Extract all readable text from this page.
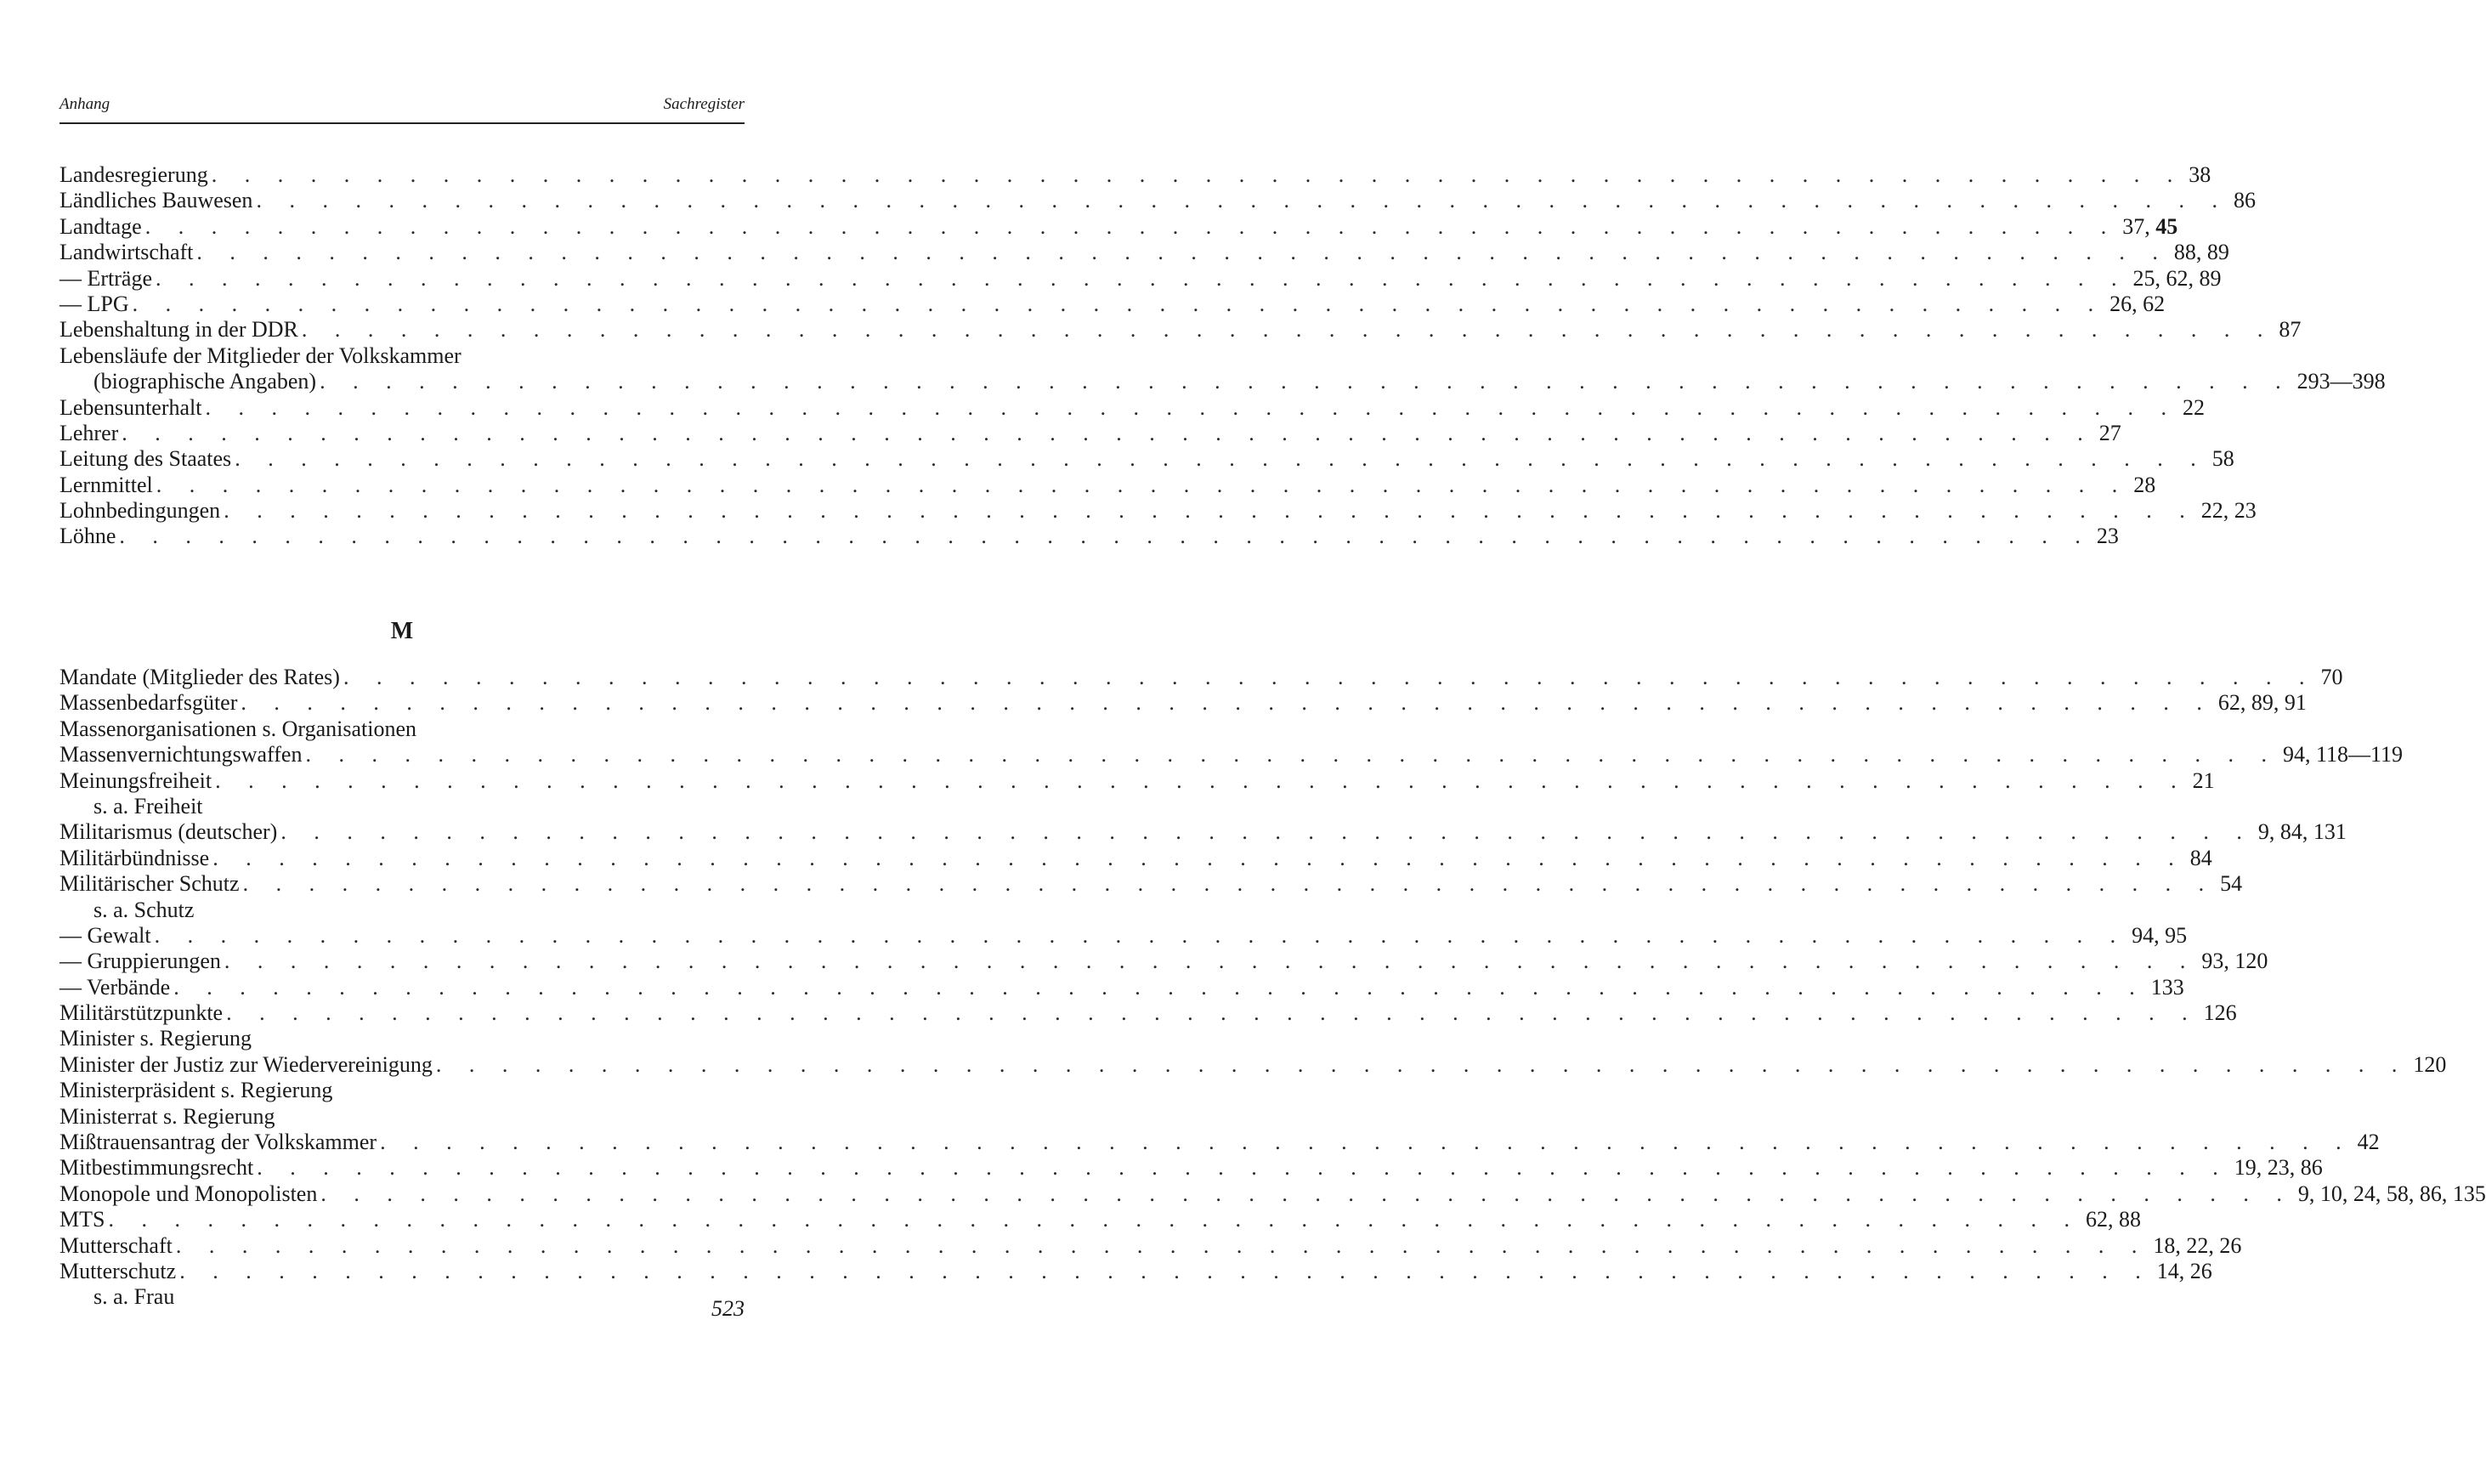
Anhang	Sachregister
Landesregierung . . . . . . . . . . . . . . . . . . . . . . . . . . . . . . . . . . . . . . . . . . . . . . . . . . . . . . . . . . . . 38
Ländliches Bauwesen . . . . . . . . . . . . . . . . . . . . . . . . . . . . . . . . . . . . . . . . . . . . . . . . . . . . . . . . . . . . 86
Landtage . . . . . . . . . . . . . . . . . . . . . . . . . . . . . . . . . . . . . . . . . . . . . . . . . . . . . . . . . . . . 37, 45
Landwirtschaft . . . . . . . . . . . . . . . . . . . . . . . . . . . . . . . . . . . . . . . . . . . . . . . . . . . . . . . . . . . . 88, 89
— Erträge . . . . . . . . . . . . . . . . . . . . . . . . . . . . . . . . . . . . . . . . . . . . . . . . . . . . . . . . . . . . 25, 62, 89
— LPG . . . . . . . . . . . . . . . . . . . . . . . . . . . . . . . . . . . . . . . . . . . . . . . . . . . . . . . . . . . . 26, 62
Lebenshaltung in der DDR . . . . . . . . . . . . . . . . . . . . . . . . . . . . . . . . . . . . . . . . . . . . . . . . . . . . . . . . . . . . 87
Lebensläufe der Mitglieder der Volkskammer
(biographische Angaben) . . . . . . . . . . . . . . . . . . . . . . . . . . . . . . . . . . . . . . . . . . . . . . . . . . . . . . . . . . . . 293—398
Lebensunterhalt . . . . . . . . . . . . . . . . . . . . . . . . . . . . . . . . . . . . . . . . . . . . . . . . . . . . . . . . . . . . 22
Lehrer . . . . . . . . . . . . . . . . . . . . . . . . . . . . . . . . . . . . . . . . . . . . . . . . . . . . . . . . . . . . 27
Leitung des Staates . . . . . . . . . . . . . . . . . . . . . . . . . . . . . . . . . . . . . . . . . . . . . . . . . . . . . . . . . . . . 58
Lernmittel . . . . . . . . . . . . . . . . . . . . . . . . . . . . . . . . . . . . . . . . . . . . . . . . . . . . . . . . . . . . 28
Lohnbedingungen . . . . . . . . . . . . . . . . . . . . . . . . . . . . . . . . . . . . . . . . . . . . . . . . . . . . . . . . . . . . 22, 23
Löhne . . . . . . . . . . . . . . . . . . . . . . . . . . . . . . . . . . . . . . . . . . . . . . . . . . . . . . . . . . . . 23
M
Mandate (Mitglieder des Rates) . . . . . . . . . . . . . . . . . . . . . . . . . . . . . . . . . . . . . . . . . . . . . . . . . . . . . . . . . . . . 70
Massenbedarfsgüter . . . . . . . . . . . . . . . . . . . . . . . . . . . . . . . . . . . . . . . . . . . . . . . . . . . . . . . . . . . . 62, 89, 91
Massenorganisationen s. Organisationen
Massenvernichtungswaffen . . . . . . . . . . . . . . . . . . . . . . . . . . . . . . . . . . . . . . . . . . . . . . . . . . . . . . . . . . . . 94, 118—119
Meinungsfreiheit . . . . . . . . . . . . . . . . . . . . . . . . . . . . . . . . . . . . . . . . . . . . . . . . . . . . . . . . . . . . 21
s. a. Freiheit
Militarismus (deutscher) . . . . . . . . . . . . . . . . . . . . . . . . . . . . . . . . . . . . . . . . . . . . . . . . . . . . . . . . . . . . 9, 84, 131
Militärbündnisse . . . . . . . . . . . . . . . . . . . . . . . . . . . . . . . . . . . . . . . . . . . . . . . . . . . . . . . . . . . . 84
Militärischer Schutz . . . . . . . . . . . . . . . . . . . . . . . . . . . . . . . . . . . . . . . . . . . . . . . . . . . . . . . . . . . . 54
s. a. Schutz
— Gewalt . . . . . . . . . . . . . . . . . . . . . . . . . . . . . . . . . . . . . . . . . . . . . . . . . . . . . . . . . . . . 94, 95
— Gruppierungen . . . . . . . . . . . . . . . . . . . . . . . . . . . . . . . . . . . . . . . . . . . . . . . . . . . . . . . . . . . . 93, 120
— Verbände . . . . . . . . . . . . . . . . . . . . . . . . . . . . . . . . . . . . . . . . . . . . . . . . . . . . . . . . . . . . 133
Militärstützpunkte . . . . . . . . . . . . . . . . . . . . . . . . . . . . . . . . . . . . . . . . . . . . . . . . . . . . . . . . . . . . 126
Minister s. Regierung
Minister der Justiz zur Wiedervereinigung . . . . . . . . . . . . . . . . . . . . . . . . . . . . . . . . . . . . . . . . . . . . . . . . . . . . . . . . . . . . 120
Ministerpräsident s. Regierung
Ministerrat s. Regierung
Mißtrauensantrag der Volkskammer . . . . . . . . . . . . . . . . . . . . . . . . . . . . . . . . . . . . . . . . . . . . . . . . . . . . . . . . . . . . 42
Mitbestimmungsrecht . . . . . . . . . . . . . . . . . . . . . . . . . . . . . . . . . . . . . . . . . . . . . . . . . . . . . . . . . . . . 19, 23, 86
Monopole und Monopolisten . . . . . . . . . . . . . . . . . . . . . . . . . . . . . . . . . . . . . . . . . . . . . . . . . . . . . . . . . . . . 9, 10, 24, 58, 86, 135
MTS . . . . . . . . . . . . . . . . . . . . . . . . . . . . . . . . . . . . . . . . . . . . . . . . . . . . . . . . . . . . 62, 88
Mutterschaft . . . . . . . . . . . . . . . . . . . . . . . . . . . . . . . . . . . . . . . . . . . . . . . . . . . . . . . . . . . . 18, 22, 26
Mutterschutz . . . . . . . . . . . . . . . . . . . . . . . . . . . . . . . . . . . . . . . . . . . . . . . . . . . . . . . . . . . . 14, 26
s. a. Frau	523
